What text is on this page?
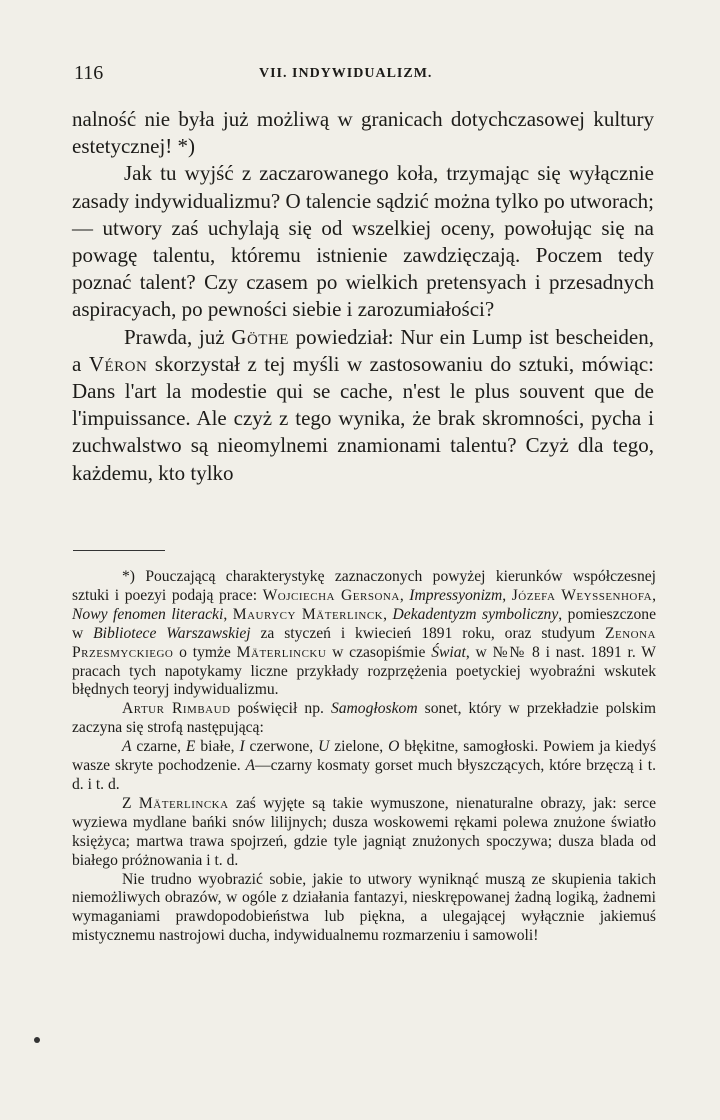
116	VII. INDYWIDUALIZM.

nalność nie była już możliwą w granicach dotychczasowej kultury estetycznej! *)

Jak tu wyjść z zaczarowanego koła, trzymając się wyłącznie zasady indywidualizmu? O talencie sądzić można tylko po utworach; — utwory zaś uchylają się od wszelkiej oceny, powołując się na powagę talentu, któremu istnienie zawdzięczają. Poczem tedy poznać talent? Czy czasem po wielkich pretensyach i przesadnych aspiracyach, po pewności siebie i zarozumiałości?

Prawda, już Göthe powiedział: Nur ein Lump ist bescheiden, a Véron skorzystał z tej myśli w zastosowaniu do sztuki, mówiąc: Dans l'art la modestie qui se cache, n'est le plus souvent que de l'impuissance. Ale czyż z tego wynika, że brak skromności, pycha i zuchwalstwo są nieomylnemi znamionami talentu? Czyż dla tego, każdemu, kto tylko

*) Pouczającą charakterystykę zaznaczonych powyżej kierunków współczesnej sztuki i poezyi podają prace: Wojciecha Gersona, Impressyonizm, Józefa Weyssenhofa, Nowy fenomen literacki, Maurycy Mäterlinck, Dekadentyzm symboliczny, pomieszczone w Bibliotece Warszawskiej za styczeń i kwiecień 1891 roku, oraz studyum Zenona Przesmyckiego o tymże Mäterlincku w czasopiśmie Świat, w №№ 8 i nast. 1891 r. W pracach tych napotykamy liczne przykłady rozprzężenia poetyckiej wyobraźni wskutek błędnych teoryj indywidualizmu.

Artur Rimbaud poświęcił np. Samogłoskom sonet, który w przekładzie polskim zaczyna się strofą następującą:

A czarne, E białe, I czerwone, U zielone, O błękitne, samogłoski. Powiem ja kiedyś wasze skryte pochodzenie. A—czarny kosmaty gorset much błyszczących, które brzęczą i t. d. i t. d.

Z Mäterlincka zaś wyjęte są takie wymuszone, nienaturalne obrazy, jak: serce wyziewa mydlane bańki snów lilijnych; dusza woskowemi rękami polewa znużone światło księżyca; martwa trawa spojrzeń, gdzie tyle jagniąt znużonych spoczywa; dusza blada od białego próżnowania i t. d.

Nie trudno wyobrazić sobie, jakie to utwory wyniknąć muszą ze skupienia takich niemożliwych obrazów, w ogóle z działania fantazyi, nieskrępowanej żadną logiką, żadnemi wymaganiami prawdopodobieństwa lub piękna, a ulegającej wyłącznie jakiemuś mistycznemu nastrojowi ducha, indywidualnemu rozmarzeniu i samowoli!
